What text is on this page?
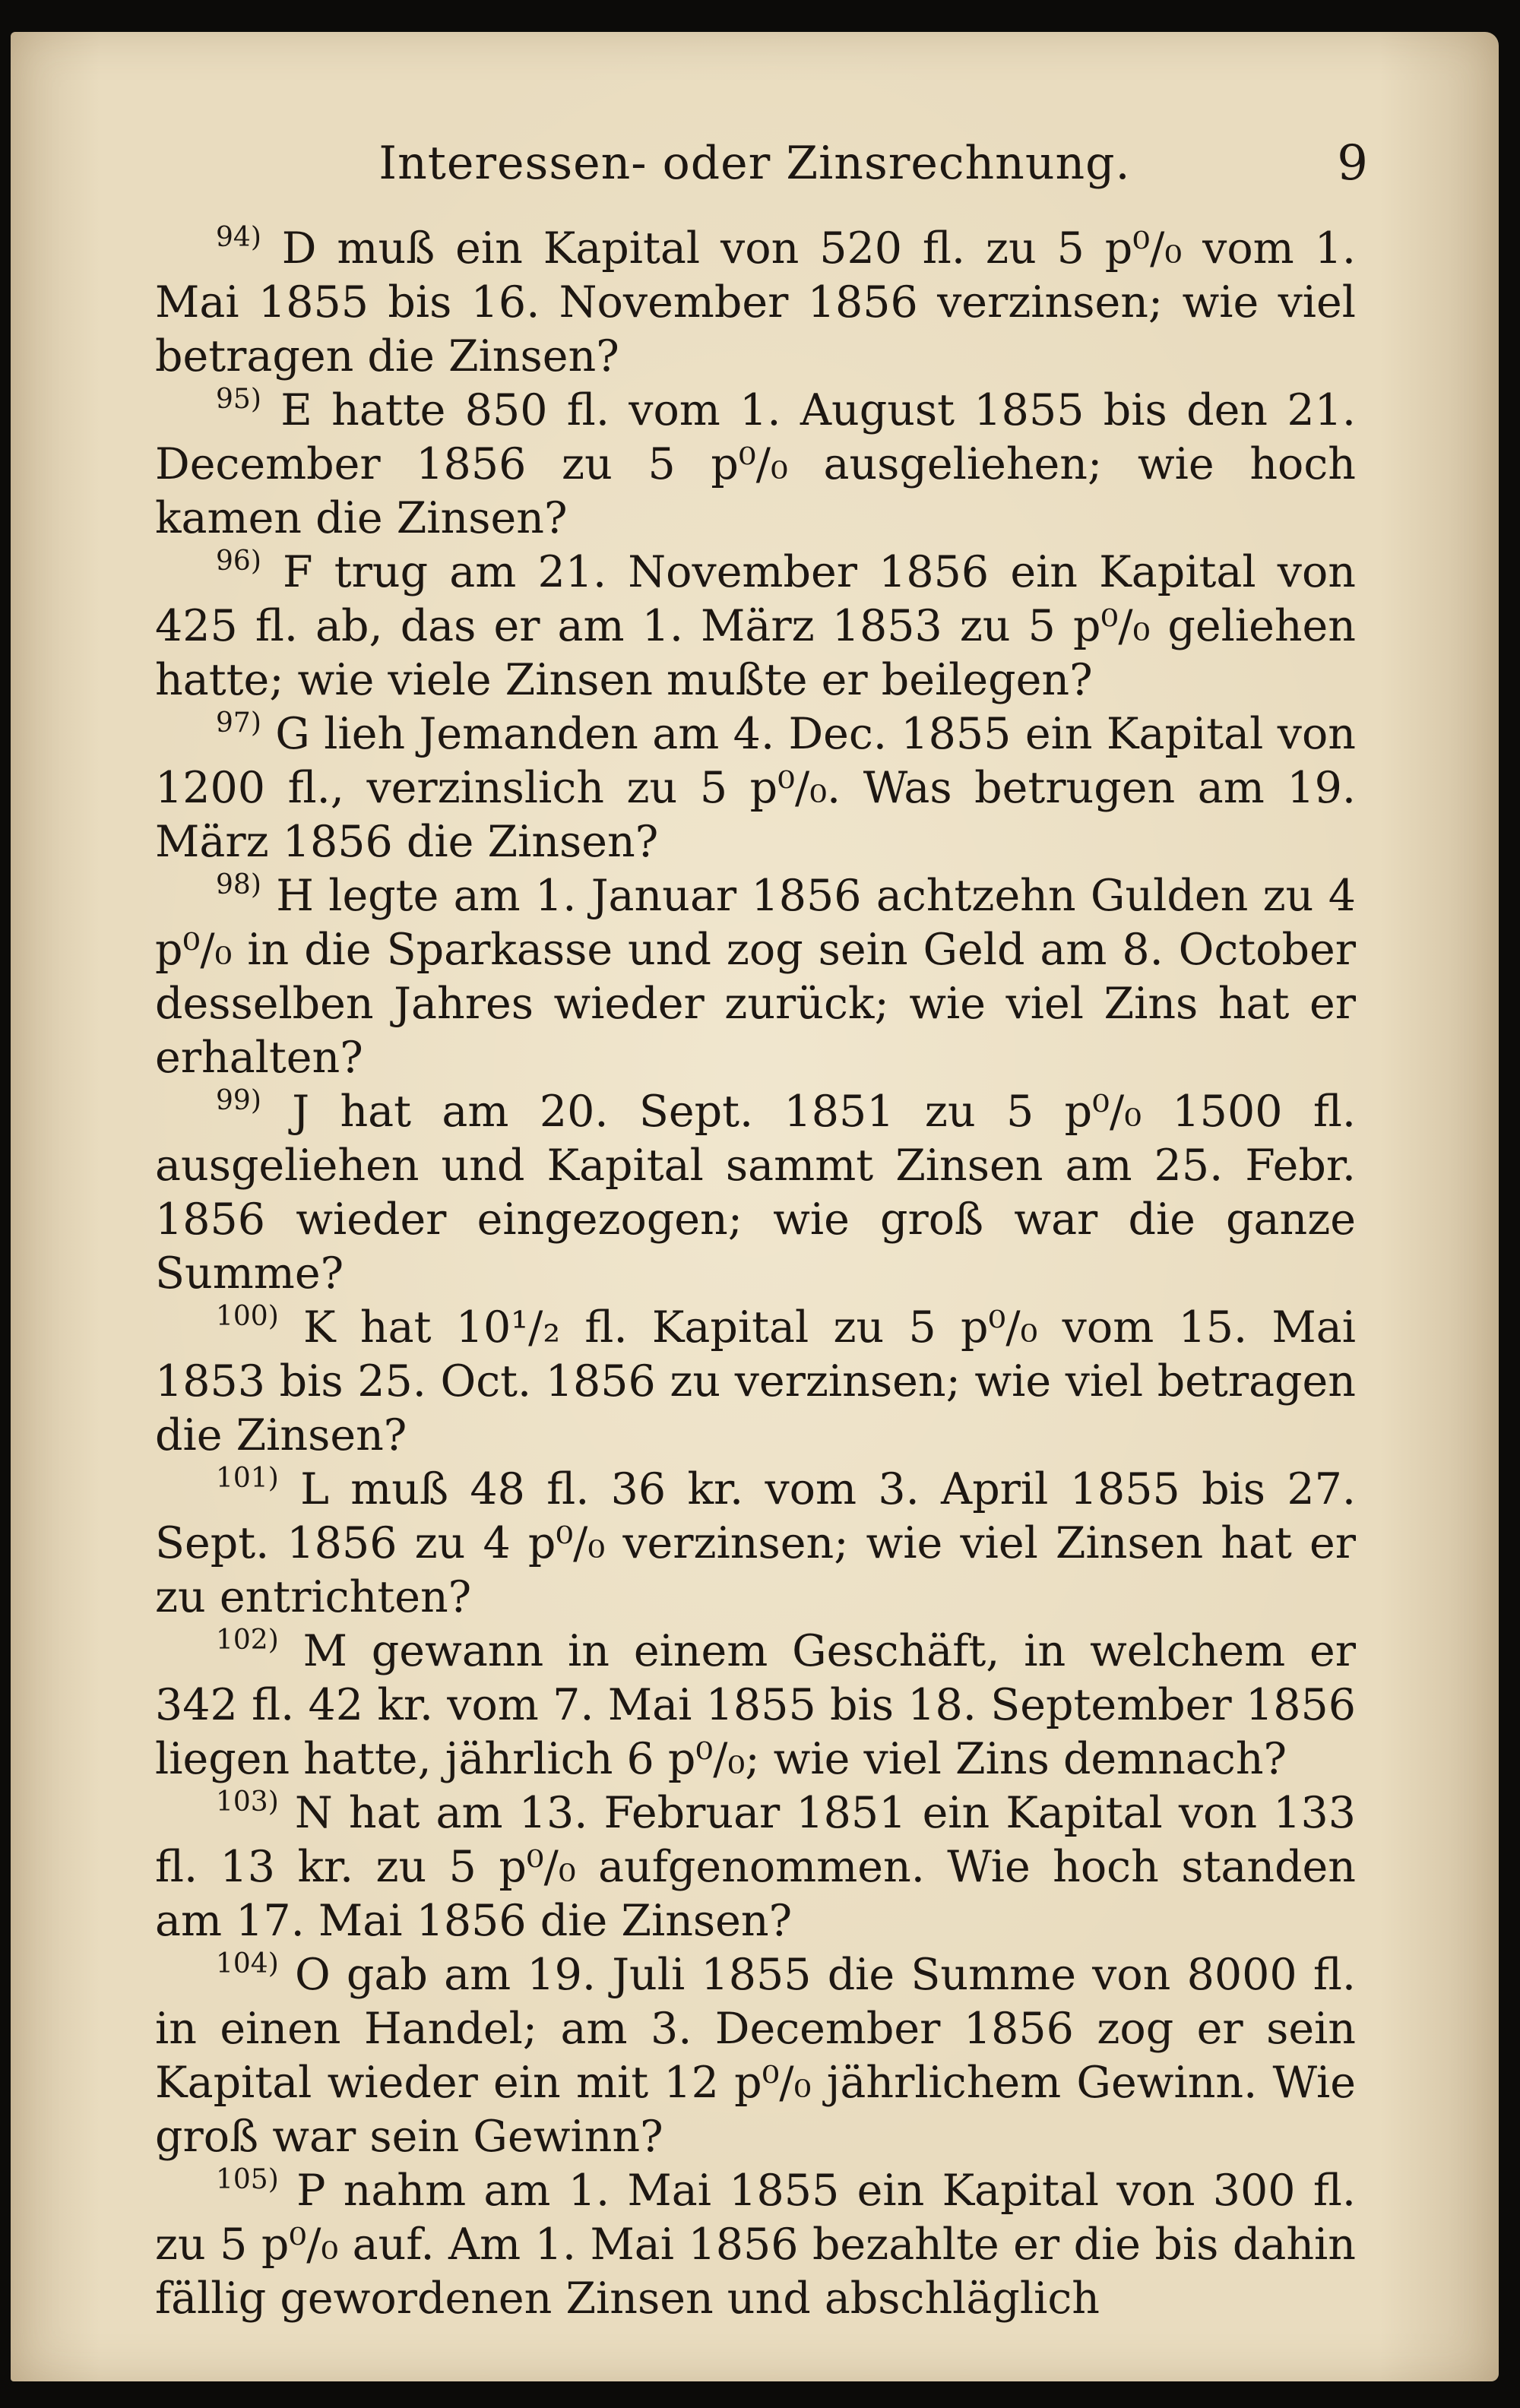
Interessen- oder Zinsrechnung.	9

$^{94)}$ D muß ein Kapital von 520 fl. zu 5 p⁰/₀ vom 1. Mai 1855 bis 16. November 1856 verzinsen; wie viel betragen die Zinsen?

$^{95)}$ E hatte 850 fl. vom 1. August 1855 bis den 21. December 1856 zu 5 p⁰/₀ ausgeliehen; wie hoch kamen die Zinsen?

$^{96)}$ F trug am 21. November 1856 ein Kapital von 425 fl. ab, das er am 1. März 1853 zu 5 p⁰/₀ geliehen hatte; wie viele Zinsen mußte er beilegen?

$^{97)}$ G lieh Jemanden am 4. Dec. 1855 ein Kapital von 1200 fl., verzinslich zu 5 p⁰/₀. Was betrugen am 19. März 1856 die Zinsen?

$^{98)}$ H legte am 1. Januar 1856 achtzehn Gulden zu 4 p⁰/₀ in die Sparkasse und zog sein Geld am 8. October desselben Jahres wieder zurück; wie viel Zins hat er erhalten?

$^{99)}$ J hat am 20. Sept. 1851 zu 5 p⁰/₀ 1500 fl. ausgeliehen und Kapital sammt Zinsen am 25. Febr. 1856 wieder eingezogen; wie groß war die ganze Summe?

$^{100)}$ K hat 10¹/₂ fl. Kapital zu 5 p⁰/₀ vom 15. Mai 1853 bis 25. Oct. 1856 zu verzinsen; wie viel betragen die Zinsen?

$^{101)}$ L muß 48 fl. 36 kr. vom 3. April 1855 bis 27. Sept. 1856 zu 4 p⁰/₀ verzinsen; wie viel Zinsen hat er zu entrichten?

$^{102)}$ M gewann in einem Geschäft, in welchem er 342 fl. 42 kr. vom 7. Mai 1855 bis 18. September 1856 liegen hatte, jährlich 6 p⁰/₀; wie viel Zins demnach?

$^{103)}$ N hat am 13. Februar 1851 ein Kapital von 133 fl. 13 kr. zu 5 p⁰/₀ aufgenommen. Wie hoch standen am 17. Mai 1856 die Zinsen?

$^{104)}$ O gab am 19. Juli 1855 die Summe von 8000 fl. in einen Handel; am 3. December 1856 zog er sein Kapital wieder ein mit 12 p⁰/₀ jährlichem Gewinn. Wie groß war sein Gewinn?

$^{105)}$ P nahm am 1. Mai 1855 ein Kapital von 300 fl. zu 5 p⁰/₀ auf. Am 1. Mai 1856 bezahlte er die bis dahin fällig gewordenen Zinsen und abschläglich
